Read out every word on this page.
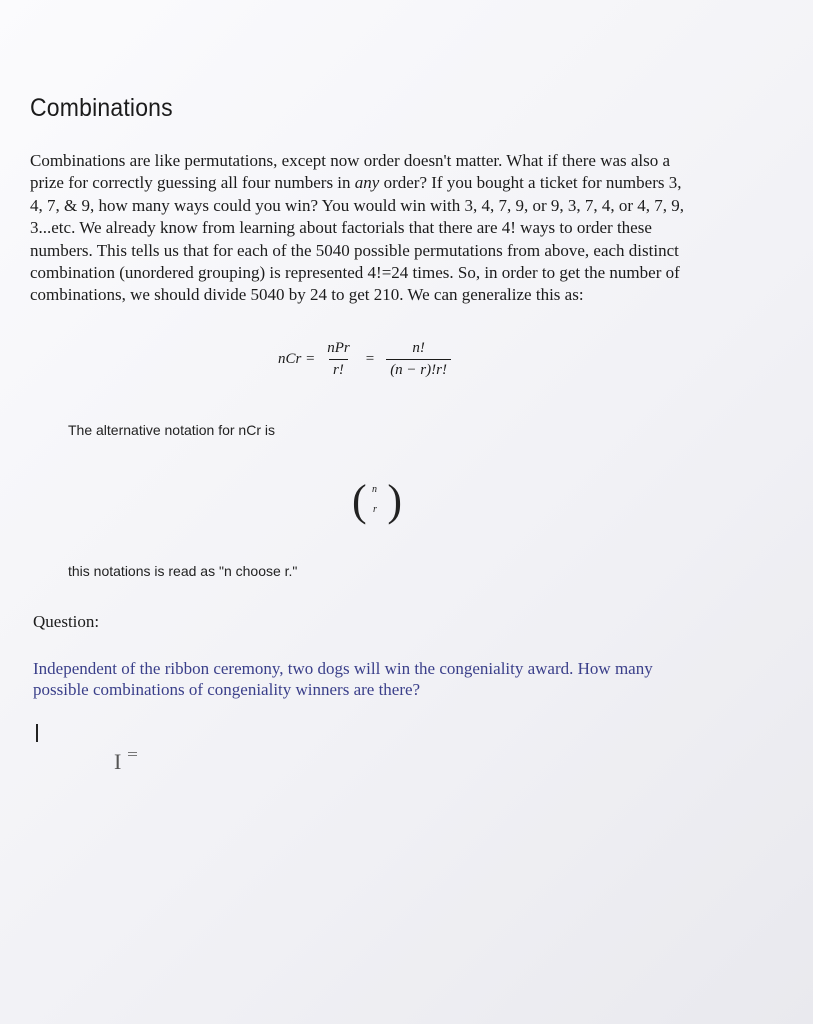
Combinations

Combinations are like permutations, except now order doesn't matter. What if there was also a
prize for correctly guessing all four numbers in any order? If you bought a ticket for numbers 3,
4, 7, & 9, how many ways could you win? You would win with 3, 4, 7, 9, or 9, 3, 7, 4, or 4, 7, 9,
3...etc. We already know from learning about factorials that there are 4! ways to order these
numbers. This tells us that for each of the 5040 possible permutations from above, each distinct
combination (unordered grouping) is represented 4!=24 times. So, in order to get the number of
combinations, we should divide 5040 by 24 to get 210. We can generalize this as:

nCr = $\frac{\text{nPr}}{r!} = \frac{n!}{(n - r)!r!}$
The alternative notation for nCr is
( n
r )
this notations is read as "n choose r."
Question:
Independent of the ribbon ceremony, two dogs will win the congeniality award. How many
possible combinations of congeniality winners are there?
I
